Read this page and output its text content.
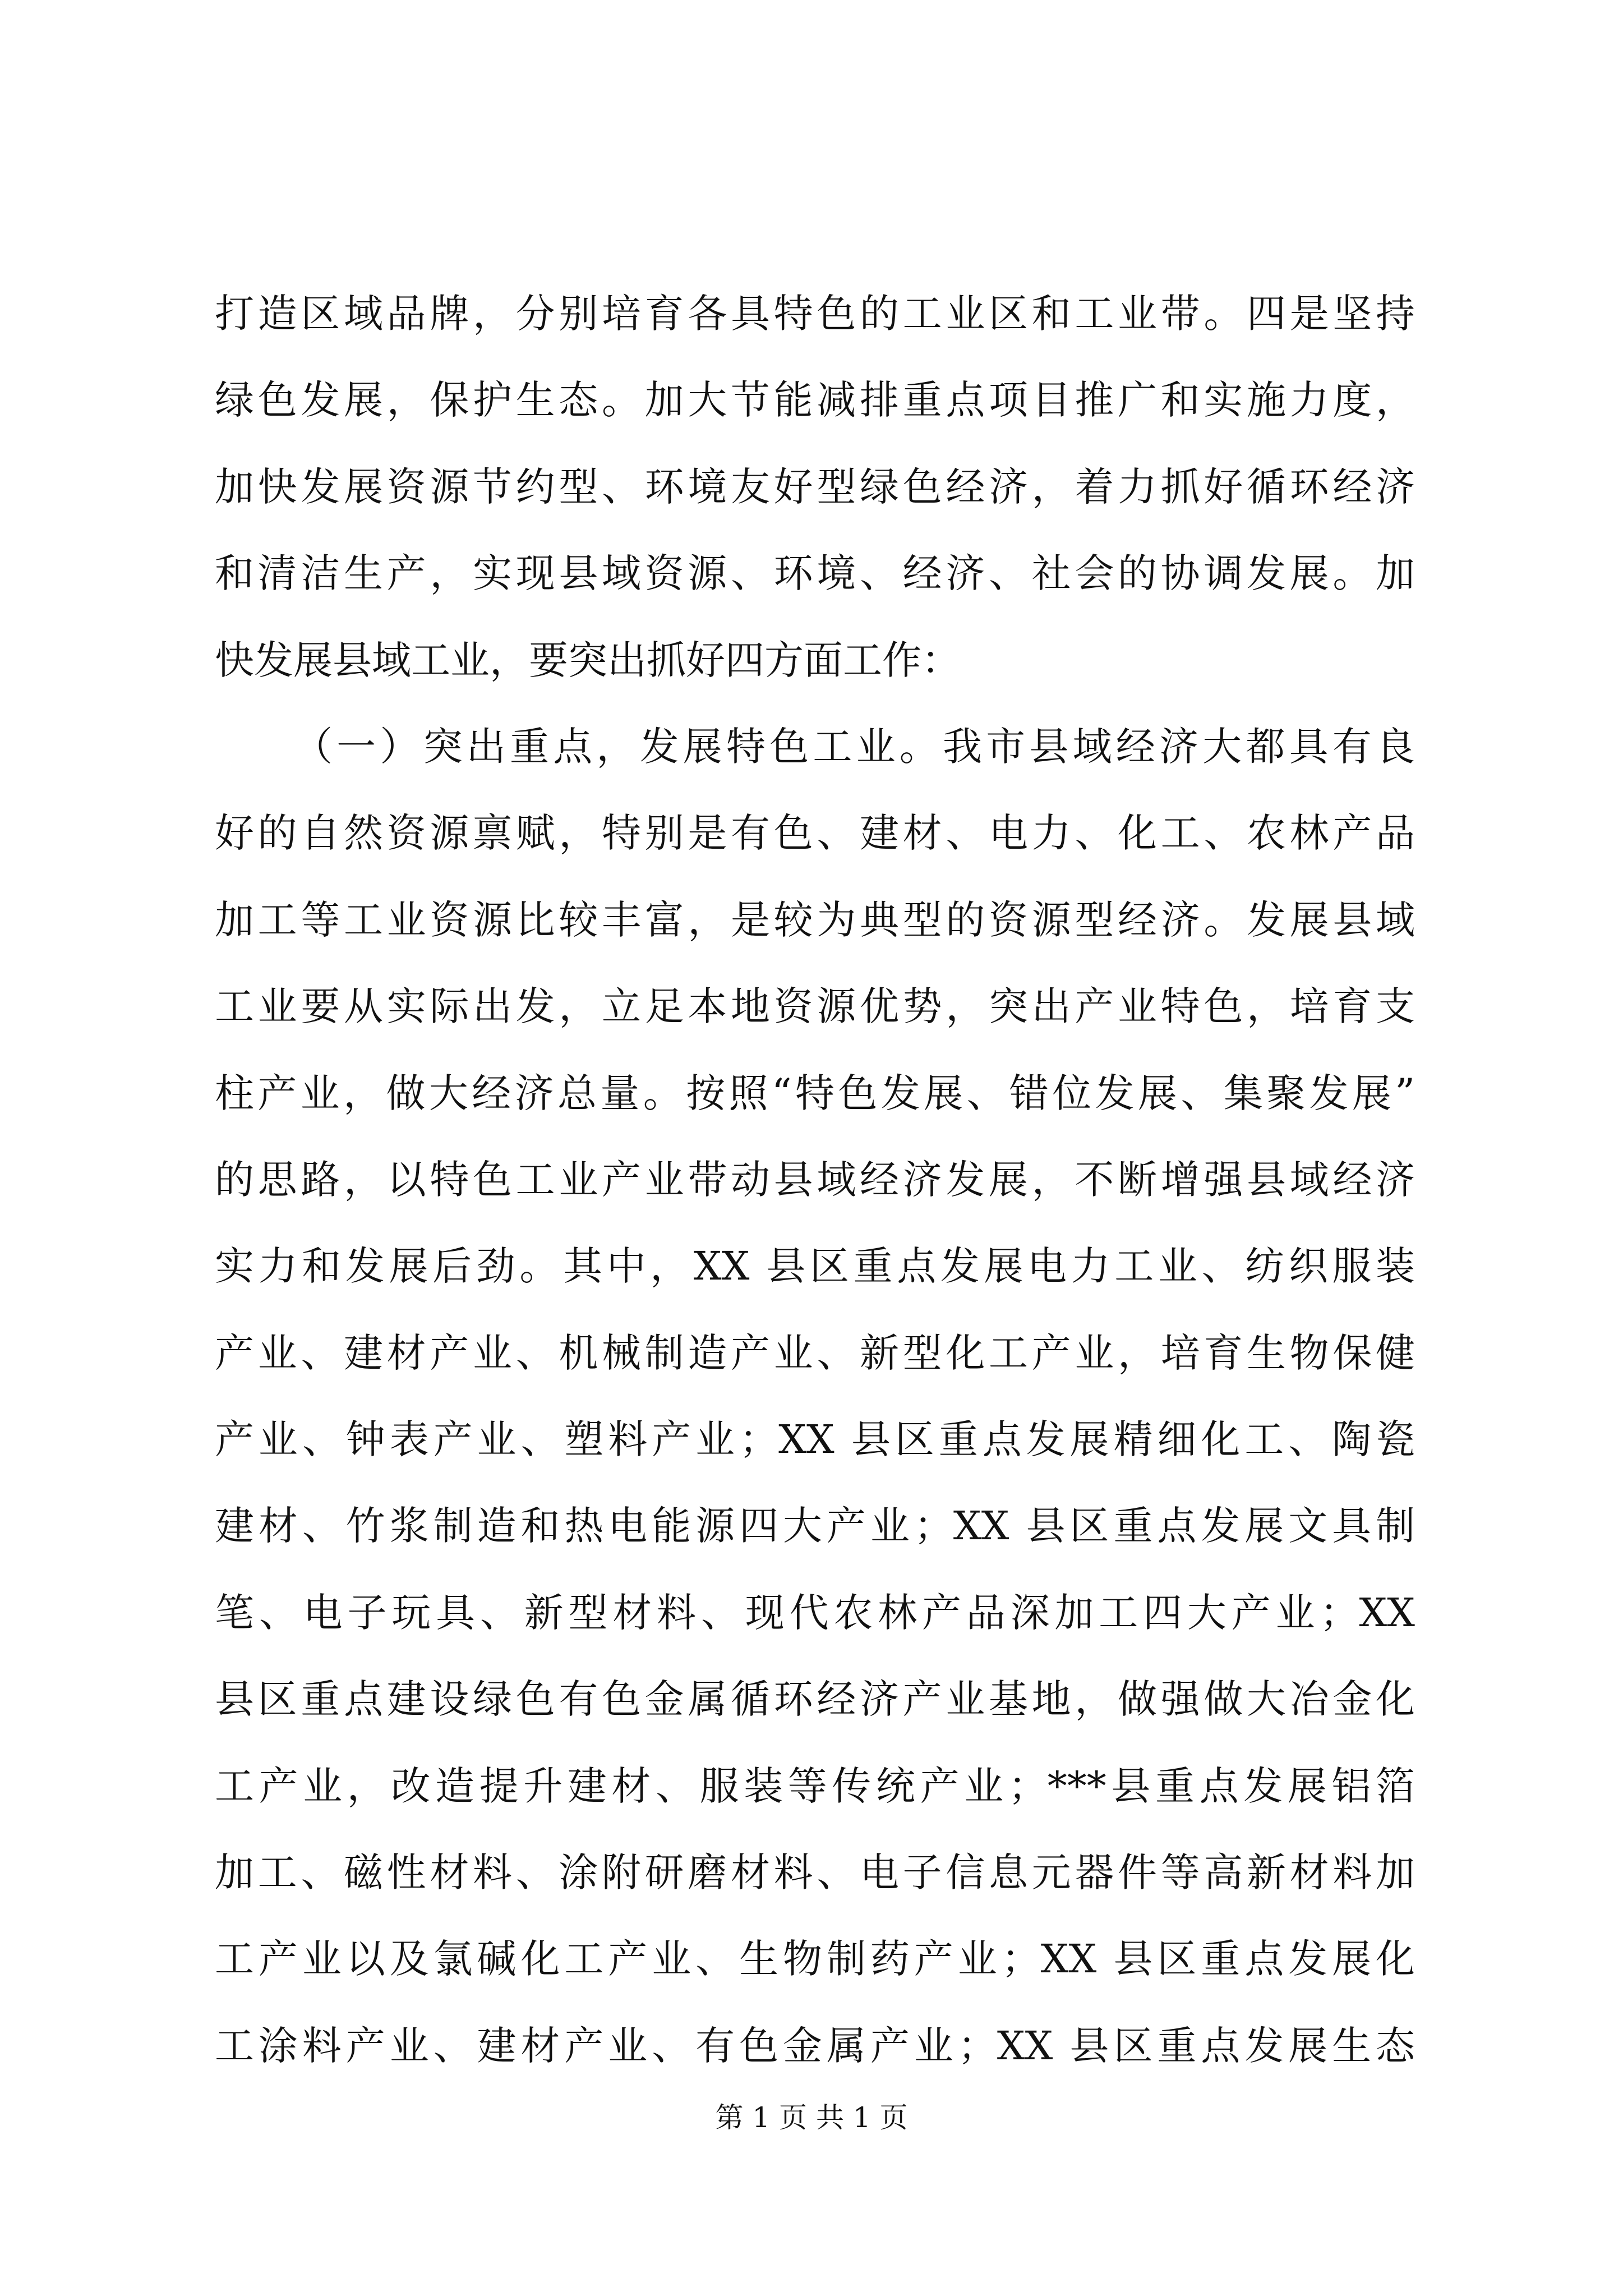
打造区域品牌，分别培育各具特色的工业区和工业带。四是坚持
绿色发展，保护生态。加大节能减排重点项目推广和实施力度，
加快发展资源节约型、环境友好型绿色经济，着力抓好循环经济
和清洁生产，实现县域资源、环境、经济、社会的协调发展。加
快发展县域工业，要突出抓好四方面工作：
（一）突出重点，发展特色工业。我市县域经济大都具有良
好的自然资源禀赋，特别是有色、建材、电力、化工、农林产品
加工等工业资源比较丰富，是较为典型的资源型经济。发展县域
工业要从实际出发，立足本地资源优势，突出产业特色，培育支
柱产业，做大经济总量。按照“特色发展、错位发展、集聚发展”
的思路，以特色工业产业带动县域经济发展，不断增强县域经济
实力和发展后劲。其中，XX 县区重点发展电力工业、纺织服装
产业、建材产业、机械制造产业、新型化工产业，培育生物保健
产业、钟表产业、塑料产业；XX 县区重点发展精细化工、陶瓷
建材、竹浆制造和热电能源四大产业；XX 县区重点发展文具制
笔、电子玩具、新型材料、现代农林产品深加工四大产业；XX
县区重点建设绿色有色金属循环经济产业基地，做强做大冶金化
工产业，改造提升建材、服装等传统产业；***县重点发展铝箔
加工、磁性材料、涂附研磨材料、电子信息元器件等高新材料加
工产业以及氯碱化工产业、生物制药产业；XX 县区重点发展化
工涂料产业、建材产业、有色金属产业；XX 县区重点发展生态
第 1 页 共 1 页
